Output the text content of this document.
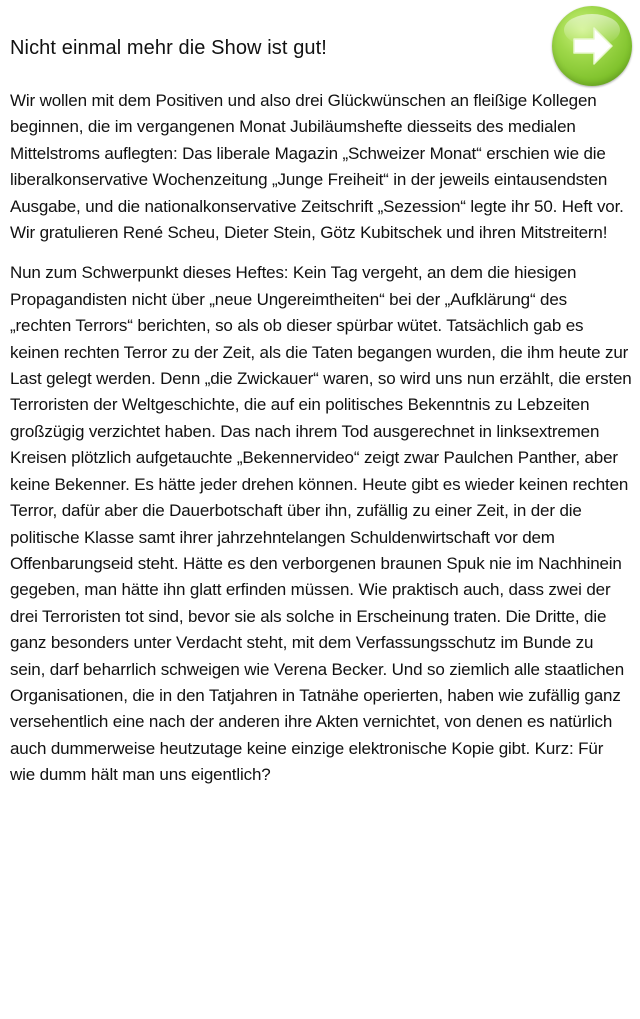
Nicht einmal mehr die Show ist gut!

Wir wollen mit dem Positiven und also drei Glückwünschen an fleißige Kollegen beginnen, die im vergangenen Monat Jubiläumshefte diesseits des medialen Mittelstroms auflegten: Das liberale Magazin „Schweizer Monat“ erschien wie die liberalkonservative Wochenzeitung „Junge Freiheit“ in der jeweils eintausendsten Ausgabe, und die nationalkonservative Zeitschrift „Sezession“ legte ihr 50. Heft vor. Wir gratulieren René Scheu, Dieter Stein, Götz Kubitschek und ihren Mitstreitern!

Nun zum Schwerpunkt dieses Heftes: Kein Tag vergeht, an dem die hiesigen Propagandisten nicht über „neue Ungereimtheiten“ bei der „Aufklärung“ des „rechten Terrors“ berichten, so als ob dieser spürbar wütet. Tatsächlich gab es keinen rechten Terror zu der Zeit, als die Taten begangen wurden, die ihm heute zur Last gelegt werden. Denn „die Zwickauer“ waren, so wird uns nun erzählt, die ersten Terroristen der Weltgeschichte, die auf ein politisches Bekenntnis zu Lebzeiten großzügig verzichtet haben. Das nach ihrem Tod ausgerechnet in linksextremen Kreisen plötzlich aufgetauchte „Bekennervideo“ zeigt zwar Paulchen Panther, aber keine Bekenner. Es hätte jeder drehen können. Heute gibt es wieder keinen rechten Terror, dafür aber die Dauerbotschaft über ihn, zufällig zu einer Zeit, in der die politische Klasse samt ihrer jahrzehntelangen Schuldenwirtschaft vor dem Offenbarungseid steht. Hätte es den verborgenen braunen Spuk nie im Nachhinein gegeben, man hätte ihn glatt erfinden müssen. Wie praktisch auch, dass zwei der drei Terroristen tot sind, bevor sie als solche in Erscheinung traten. Die Dritte, die ganz besonders unter Verdacht steht, mit dem Verfassungsschutz im Bunde zu sein, darf beharrlich schweigen wie Verena Becker. Und so ziemlich alle staatlichen Organisationen, die in den Tatjahren in Tatnähe operierten, haben wie zufällig ganz versehentlich eine nach der anderen ihre Akten vernichtet, von denen es natürlich auch dummerweise heutzutage keine einzige elektronische Kopie gibt. Kurz: Für wie dumm hält man uns eigentlich?
